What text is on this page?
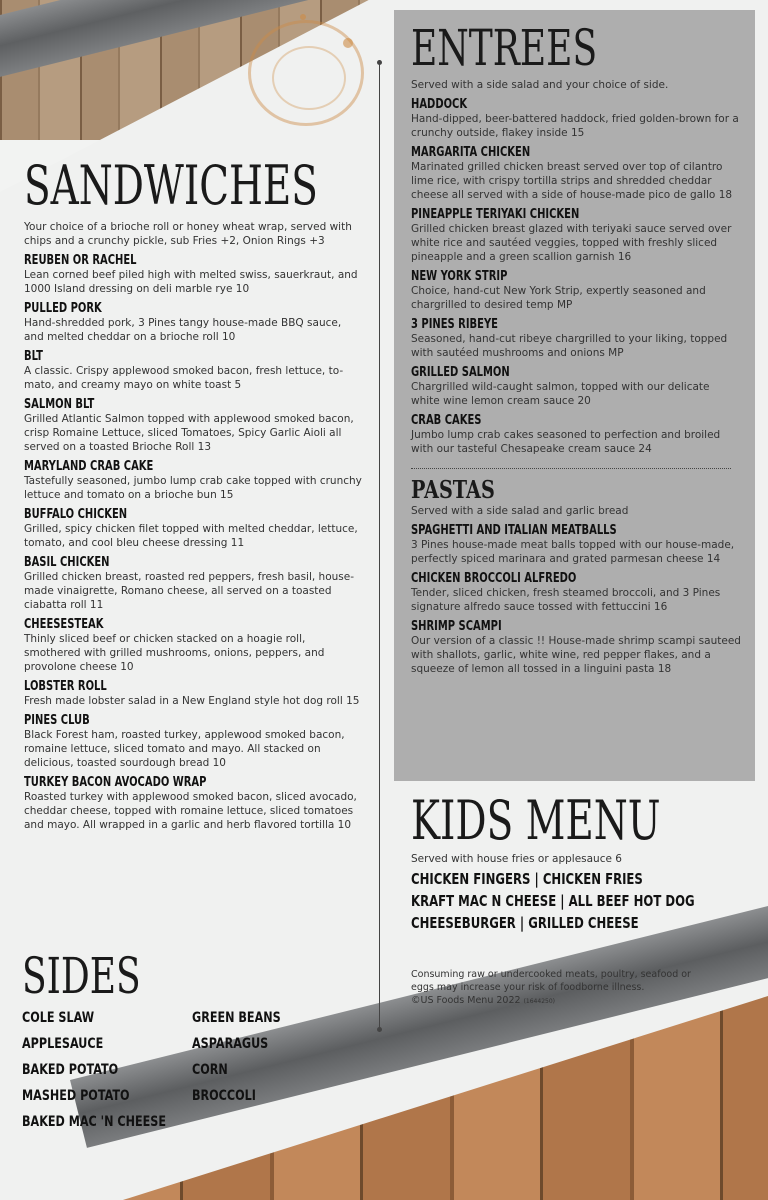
SANDWICHES

Your choice of a brioche roll or honey wheat wrap, served with chips and a crunchy pickle, sub Fries +2, Onion Rings +3

REUBEN OR RACHEL

Lean corned beef piled high with melted swiss, sauerkraut, and 1000 Island dressing on deli marble rye 10

PULLED PORK

Hand-shredded pork, 3 Pines tangy house-made BBQ sauce, and melted cheddar on a brioche roll 10

BLT

A classic. Crispy applewood smoked bacon, fresh lettuce, to-mato, and creamy mayo on white toast 5

SALMON BLT

Grilled Atlantic Salmon topped with applewood smoked bacon, crisp Romaine Lettuce, sliced Tomatoes, Spicy Garlic Aioli all served on a toasted Brioche Roll 13

MARYLAND CRAB CAKE

Tastefully seasoned, jumbo lump crab cake topped with crunchy lettuce and tomato on a brioche bun 15

BUFFALO CHICKEN

Grilled, spicy chicken filet topped with melted cheddar, lettuce, tomato, and cool bleu cheese dressing 11

BASIL CHICKEN

Grilled chicken breast, roasted red peppers, fresh basil, house-made vinaigrette, Romano cheese, all served on a toasted ciabatta roll 11

CHEESESTEAK

Thinly sliced beef or chicken stacked on a hoagie roll, smothered with grilled mushrooms, onions, peppers, and provolone cheese 10

LOBSTER ROLL

Fresh made lobster salad in a New England style hot dog roll 15

PINES CLUB

Black Forest ham, roasted turkey, applewood smoked bacon, romaine lettuce, sliced tomato and mayo. All stacked on delicious, toasted sourdough bread 10

TURKEY BACON AVOCADO WRAP

Roasted turkey with applewood smoked bacon, sliced avocado, cheddar cheese, topped with romaine lettuce, sliced tomatoes and mayo. All wrapped in a garlic and herb flavored tortilla 10

SIDES
COLE SLAW	GREEN BEANS
APPLESAUCE	ASPARAGUS
BAKED POTATO	CORN
MASHED POTATO	BROCCOLI
BAKED MAC 'N CHEESE
ENTREES

Served with a side salad and your choice of side.

HADDOCK

Hand-dipped, beer-battered haddock, fried golden-brown for a crunchy outside, flakey inside 15

MARGARITA CHICKEN

Marinated grilled chicken breast served over top of cilantro lime rice, with crispy tortilla strips and shredded cheddar cheese all served with a side of house-made pico de gallo 18

PINEAPPLE TERIYAKI CHICKEN

Grilled chicken breast glazed with teriyaki sauce served over white rice and sautéed veggies, topped with freshly sliced pineapple and a green scallion garnish 16

NEW YORK STRIP

Choice, hand-cut New York Strip, expertly seasoned and chargrilled to desired temp MP

3 PINES RIBEYE

Seasoned, hand-cut ribeye chargrilled to your liking, topped with sautéed mushrooms and onions MP

GRILLED SALMON

Chargrilled wild-caught salmon, topped with our delicate white wine lemon cream sauce 20

CRAB CAKES

Jumbo lump crab cakes seasoned to perfection and broiled with our tasteful Chesapeake cream sauce 24

PASTAS

Served with a side salad and garlic bread

SPAGHETTI AND ITALIAN MEATBALLS

3 Pines house-made meat balls topped with our house-made, perfectly spiced marinara and grated parmesan cheese 14

CHICKEN BROCCOLI ALFREDO

Tender, sliced chicken, fresh steamed broccoli, and 3 Pines signature alfredo sauce tossed with fettuccini 16

SHRIMP SCAMPI

Our version of a classic !! House-made shrimp scampi sauteed with shallots, garlic, white wine, red pepper flakes, and a squeeze of lemon all tossed in a linguini pasta 18

KIDS MENU

Served with house fries or applesauce 6

CHICKEN FINGERS | CHICKEN FRIES
KRAFT MAC N CHEESE | ALL BEEF HOT DOG
CHEESEBURGER | GRILLED CHEESE
Consuming raw or undercooked meats, poultry, seafood or eggs may increase your risk of foodborne illness.
©US Foods Menu 2022 (1644250)
